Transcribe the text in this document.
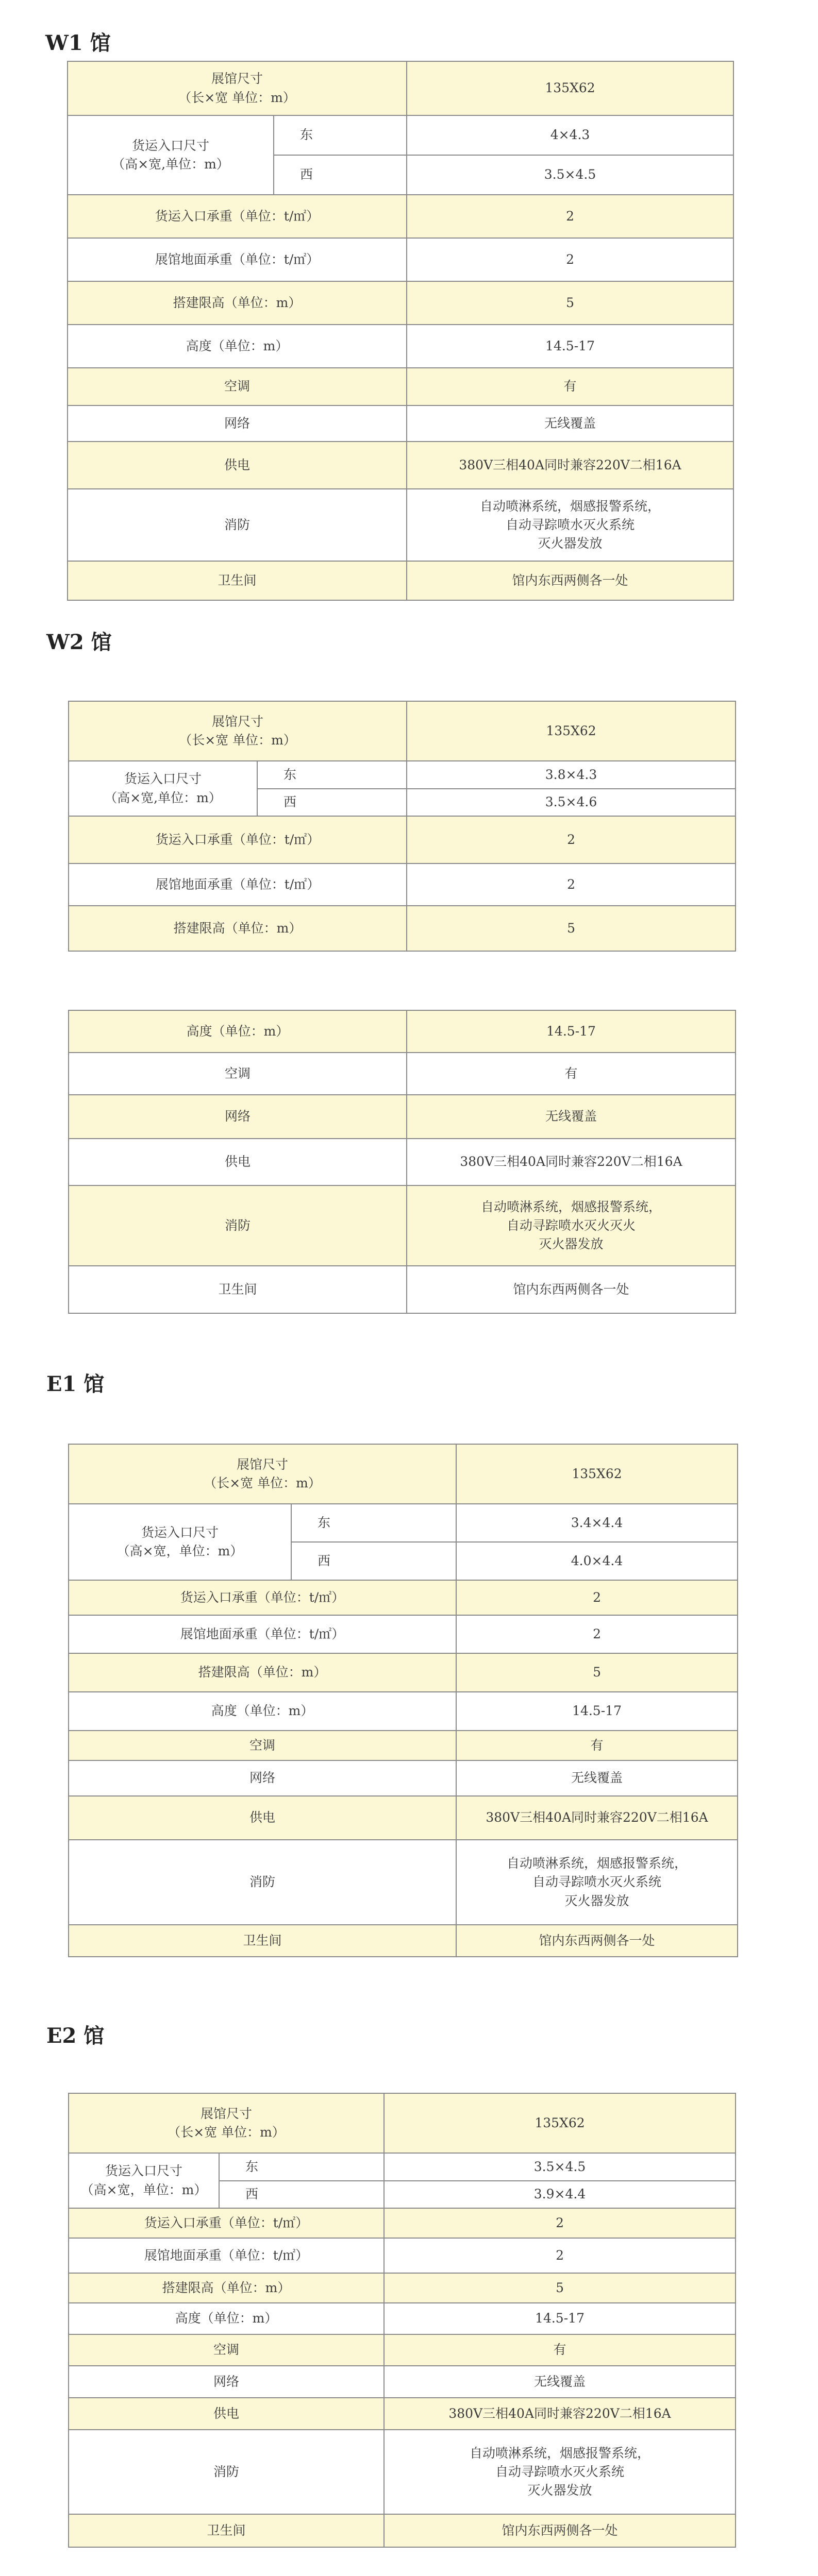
W1 馆
展馆尺寸
（长×宽 单位：m）		135X62

货运入口尺寸
（高×宽,单位：m）	东	4×4.3
	西	3.5×4.5

货运入口承重（单位：t/㎡）		2

展馆地面承重（单位：t/㎡）		2

搭建限高（单位：m）		5

高度（单位：m）		14.5-17

空调		有

网络		无线覆盖

供电		380V三相40A同时兼容220V二相16A

消防		自动喷淋系统，烟感报警系统，
自动寻踪喷水灭火系统
灭火器发放

卫生间		馆内东西两侧各一处
W2 馆
展馆尺寸
（长×宽 单位：m）		135X62

货运入口尺寸
（高×宽,单位：m）	东	3.8×4.3
	西	3.5×4.6

货运入口承重（单位：t/㎡）		2

展馆地面承重（单位：t/㎡）		2

搭建限高（单位：m）		5
高度（单位：m）	14.5-17

空调	有

网络	无线覆盖

供电	380V三相40A同时兼容220V二相16A

消防	自动喷淋系统，烟感报警系统，
自动寻踪喷水灭火灭火
灭火器发放

卫生间	馆内东西两侧各一处
E1 馆
展馆尺寸
（长×宽 单位：m）		135X62

货运入口尺寸
（高×宽，单位：m）	东	3.4×4.4
	西	4.0×4.4

货运入口承重（单位：t/㎡）		2

展馆地面承重（单位：t/㎡）		2

搭建限高（单位：m）		5

高度（单位：m）		14.5-17

空调		有

网络		无线覆盖

供电		380V三相40A同时兼容220V二相16A

消防		自动喷淋系统，烟感报警系统，
自动寻踪喷水灭火系统
灭火器发放

卫生间		馆内东西两侧各一处
E2 馆
展馆尺寸
（长×宽 单位：m）		135X62

货运入口尺寸
（高×宽，单位：m）	东	3.5×4.5
	西	3.9×4.4

货运入口承重（单位：t/㎡）		2

展馆地面承重（单位：t/㎡）		2

搭建限高（单位：m）		5

高度（单位：m）		14.5-17

空调		有

网络		无线覆盖

供电		380V三相40A同时兼容220V二相16A

消防		自动喷淋系统，烟感报警系统，
自动寻踪喷水灭火系统
灭火器发放

卫生间		馆内东西两侧各一处
